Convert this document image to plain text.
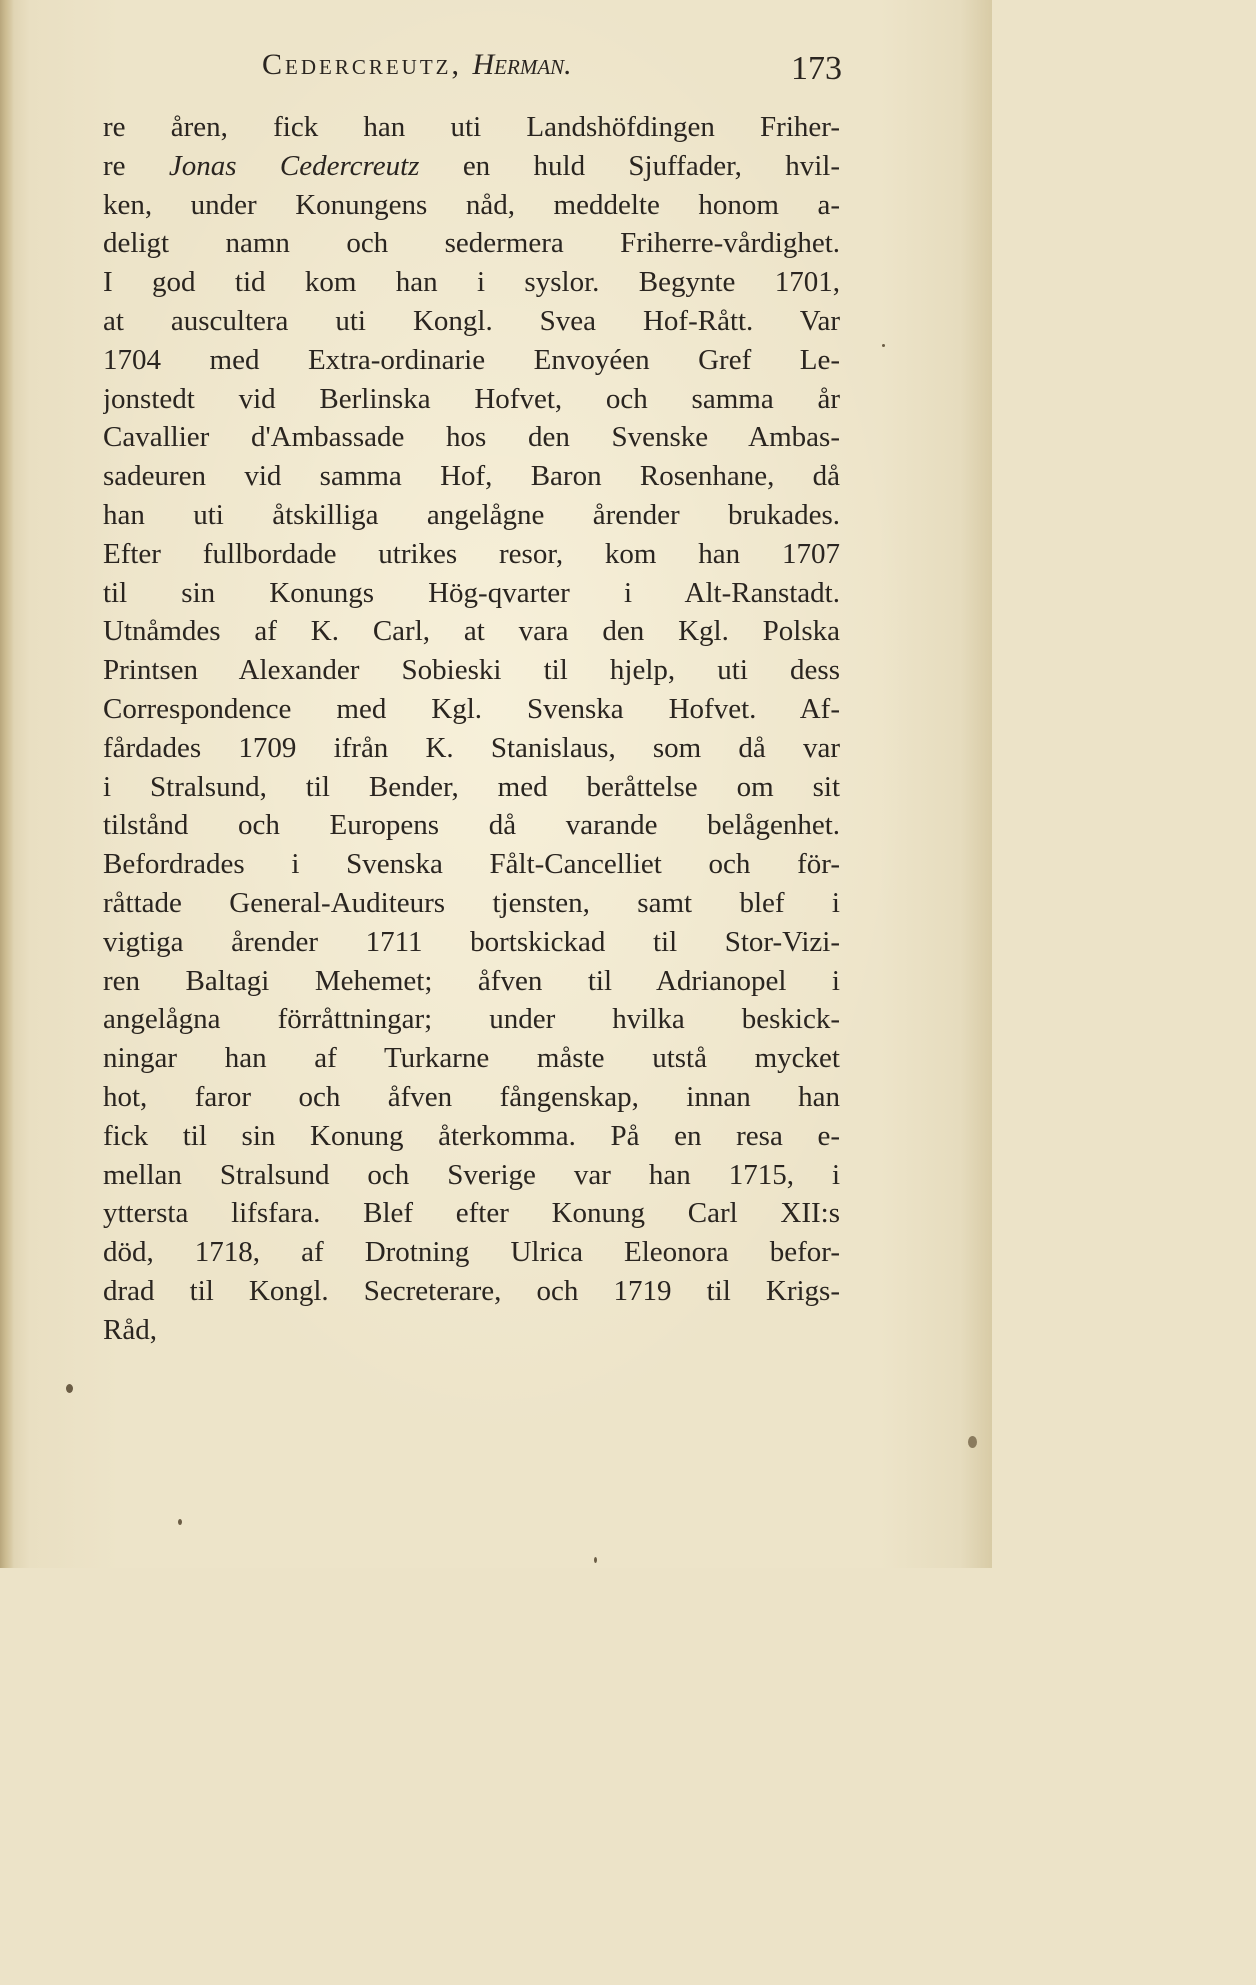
Cedercreutz, Herman.	173
re åren, fick han uti Landshöfdingen Friher-
re Jonas Cedercreutz en huld Sjuffader, hvil-
ken, under Konungens nåd, meddelte honom a-
deligt namn och sedermera Friherre-vårdighet.
I god tid kom han i syslor. Begynte 1701,
at auscultera uti Kongl. Svea Hof-Rått. Var
1704 med Extra-ordinarie Envoyéen Gref Le-
jonstedt vid Berlinska Hofvet, och samma år
Cavallier d'Ambassade hos den Svenske Ambas-
sadeuren vid samma Hof, Baron Rosenhane, då
han uti åtskilliga angelågne årender brukades.
Efter fullbordade utrikes resor, kom han 1707
til sin Konungs Hög-qvarter i Alt-Ranstadt.
Utnåmdes af K. Carl, at vara den Kgl. Polska
Printsen Alexander Sobieski til hjelp, uti dess
Correspondence med Kgl. Svenska Hofvet. Af-
fårdades 1709 ifrån K. Stanislaus, som då var
i Stralsund, til Bender, med beråttelse om sit
tilstånd och Europens då varande belågenhet.
Befordrades i Svenska Fålt-Cancelliet och för-
råttade General-Auditeurs tjensten, samt blef i
vigtiga årender 1711 bortskickad til Stor-Vizi-
ren Baltagi Mehemet; åfven til Adrianopel i
angelågna förråttningar; under hvilka beskick-
ningar han af Turkarne måste utstå mycket
hot, faror och åfven fångenskap, innan han
fick til sin Konung återkomma. På en resa e-
mellan Stralsund och Sverige var han 1715, i
yttersta lifsfara. Blef efter Konung Carl XII:s
död, 1718, af Drotning Ulrica Eleonora befor-
drad til Kongl. Secreterare, och 1719 til Krigs-
Råd,
